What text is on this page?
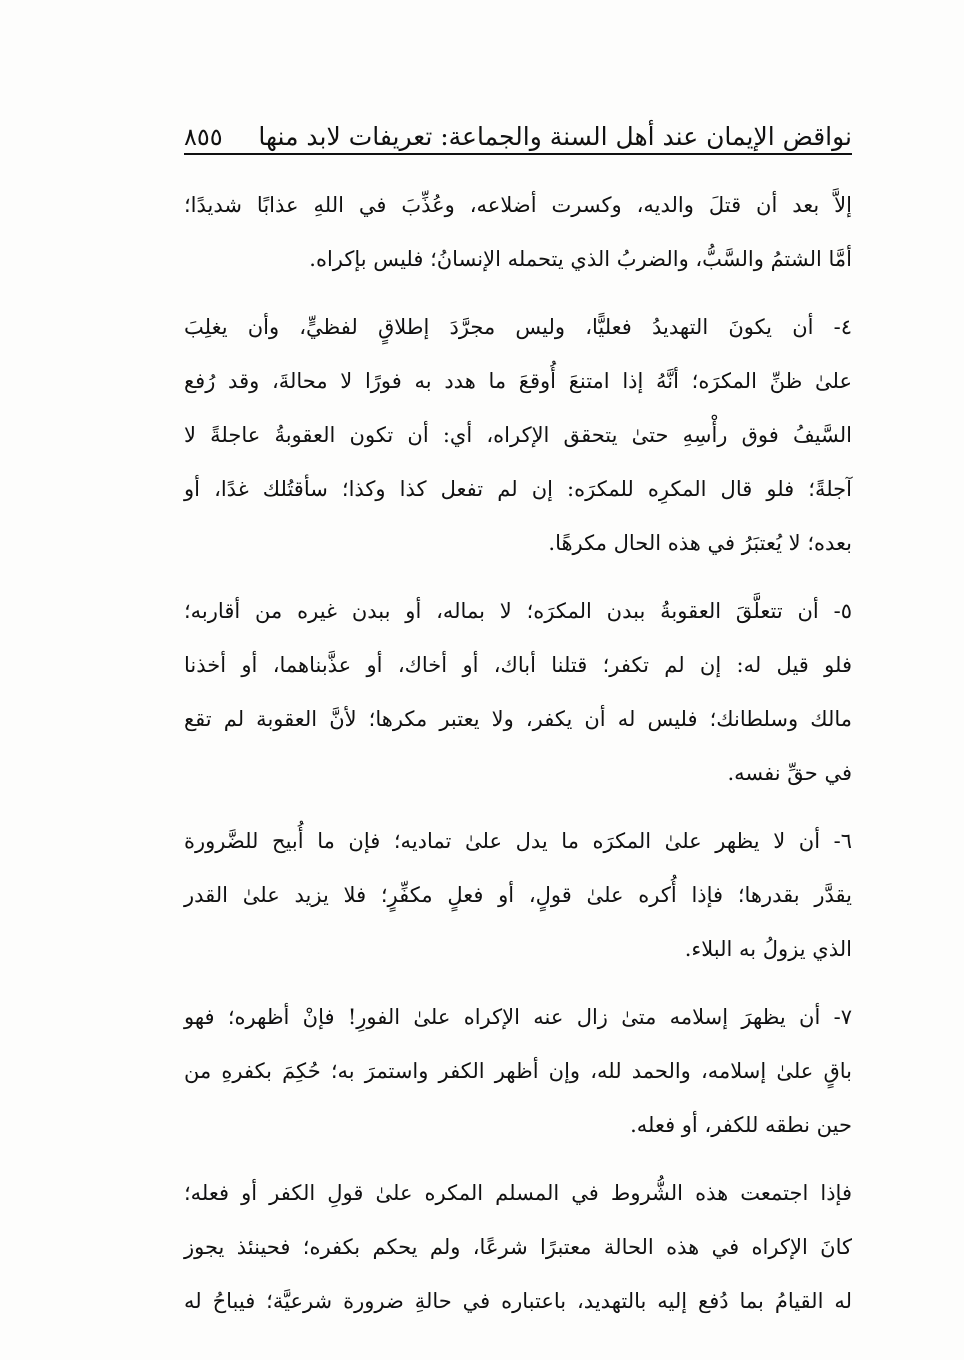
نواقض الإيمان عند أهل السنة والجماعة: تعريفات لابد منها
٨٥٥
إلاَّ بعد أن قتلَ والديه، وكسرت أضلاعه، وعُذِّبَ في اللهِ عذابًا شديدًا؛
أمَّا الشتمُ والسَّبُّ، والضربُ الذي يتحمله الإنسانُ؛ فليس بإكراه.
٤- أن يكونَ التهديدُ فعليًّا، وليس مجرَّدَ إطلاقٍ لفظيٍّ، وأن يغلِبَ
علىٰ ظنِّ المكرَه؛ أنَّهُ إذا امتنعَ أُوقعَ ما هدد به فورًا لا محالةَ، وقد رُفع
السَّيفُ فوق رأْسِهِ حتىٰ يتحقق الإكراه، أي: أن تكون العقوبةُ عاجلةً لا
آجلةً؛ فلو قال المكرِه للمكرَه: إن لم تفعل كذا وكذا؛ سأقتُلك غدًا، أو
بعده؛ لا يُعتبَرُ في هذه الحال مكرهًا.
٥- أن تتعلَّقَ العقوبةُ ببدن المكرَه؛ لا بماله، أو ببدن غيره من أقاربه؛
فلو قيل له: إن لم تكفر؛ قتلنا أباك، أو أخاك، أو عذَّبناهما، أو أخذنا
مالك وسلطانك؛ فليس له أن يكفر، ولا يعتبر مكرها؛ لأنَّ العقوبة لم تقع
في حقِّ نفسه.
٦- أن لا يظهر علىٰ المكرَه ما يدل علىٰ تماديه؛ فإن ما أُبيح للضَّرورة
يقدَّر بقدرها؛ فإذا أُكره علىٰ قولٍ، أو فعلٍ مكفِّرٍ؛ فلا يزيد علىٰ القدر
الذي يزولُ به البلاء.
٧- أن يظهرَ إسلامه متىٰ زال عنه الإكراه علىٰ الفورِ! فإنْ أظهره؛ فهو
باقٍ علىٰ إسلامه، والحمد لله، وإن أظهر الكفر واستمرَ به؛ حُكِمَ بكفرهِ من
حين نطقه للكفر، أو فعله.
فإذا اجتمعت هذه الشُّروط في المسلم المكره علىٰ قولِ الكفر أو فعله؛
كانَ الإكراه في هذه الحالة معتبرًا شرعًا، ولم يحكم بكفره؛ فحينئذ يجوز
له القيامُ بما دُفع إليه بالتهديد، باعتباره في حالةِ ضرورة شرعيَّة؛ فيباحُ له
